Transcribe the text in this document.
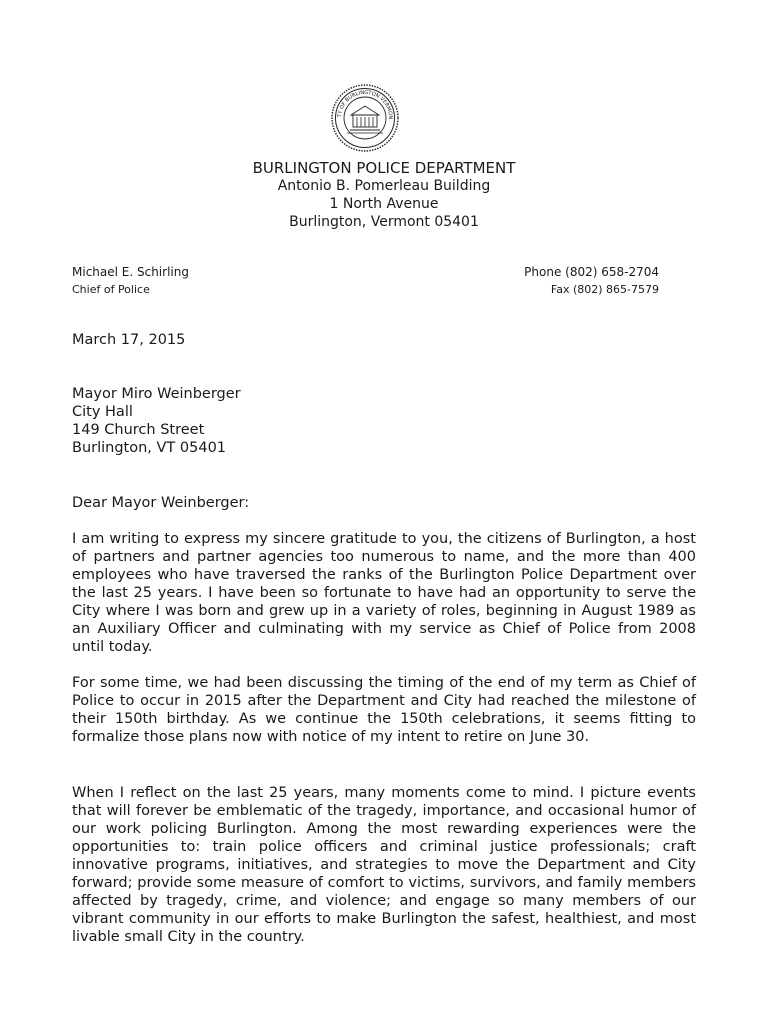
TY OF BURLINGTON VERMON

BURLINGTON POLICE DEPARTMENT

Antonio B. Pomerleau Building

1 North Avenue

Burlington, Vermont 05401

Michael E. Schirling
Chief of Police
Phone (802) 658-2704
Fax (802) 865-7579
March 17, 2015
Mayor Miro Weinberger
City Hall
149 Church Street
Burlington, VT 05401
Dear Mayor Weinberger:

I am writing to express my sincere gratitude to you, the citizens of Burlington, a host of partners and partner agencies too numerous to name, and the more than 400 employees who have traversed the ranks of the Burlington Police Department over the last 25 years. I have been so fortunate to have had an opportunity to serve the City where I was born and grew up in a variety of roles, beginning in August 1989 as an Auxiliary Officer and culminating with my service as Chief of Police from 2008 until today.

For some time, we had been discussing the timing of the end of my term as Chief of Police to occur in 2015 after the Department and City had reached the milestone of their 150th birthday. As we continue the 150th celebrations, it seems fitting to formalize those plans now with notice of my intent to retire on June 30.

When I reflect on the last 25 years, many moments come to mind. I picture events that will forever be emblematic of the tragedy, importance, and occasional humor of our work policing Burlington. Among the most rewarding experiences were the opportunities to: train police officers and criminal justice professionals; craft innovative programs, initiatives, and strategies to move the Department and City forward; provide some measure of comfort to victims, survivors, and family members affected by tragedy, crime, and violence; and engage so many members of our vibrant community in our efforts to make Burlington the safest, healthiest, and most livable small City in the country.
